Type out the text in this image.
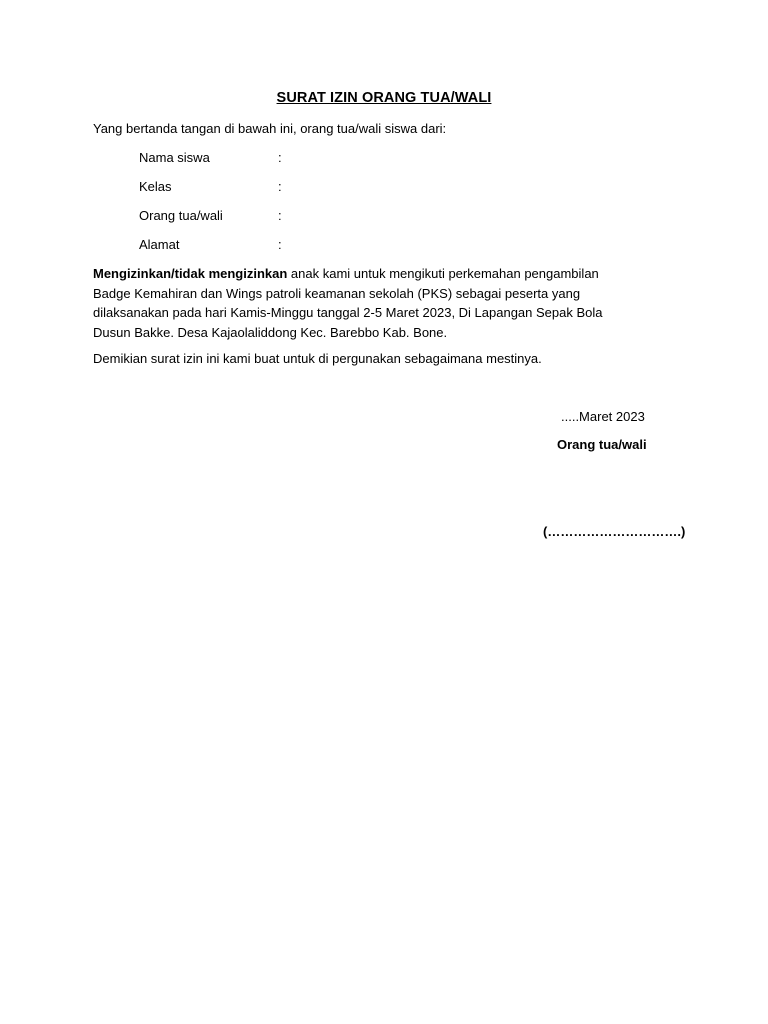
SURAT IZIN ORANG TUA/WALI
Yang bertanda tangan di bawah ini, orang tua/wali siswa dari:
Nama siswa	:
Kelas	:
Orang tua/wali	:
Alamat	:
Mengizinkan/tidak mengizinkan anak kami untuk mengikuti perkemahan pengambilan
Badge Kemahiran dan Wings patroli keamanan sekolah (PKS) sebagai peserta yang
dilaksanakan pada hari Kamis-Minggu tanggal 2-5 Maret 2023, Di Lapangan Sepak Bola
Dusun Bakke. Desa Kajaolaliddong Kec. Barebbo Kab. Bone.
Demikian surat izin ini kami buat untuk di pergunakan sebagaimana mestinya.
.....Maret 2023
Orang tua/wali
(………………………….)
